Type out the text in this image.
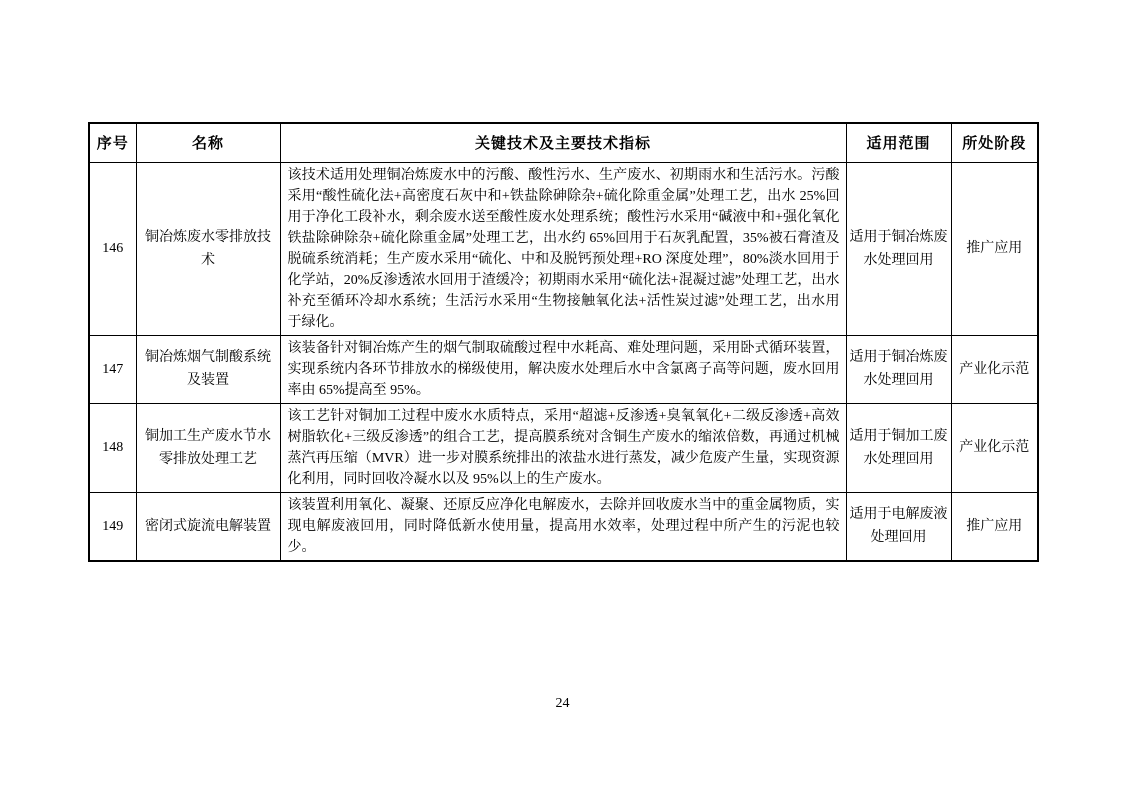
序号	名称	关键技术及主要技术指标	适用范围	所处阶段
146	铜冶炼废水零排放技术	该技术适用处理铜冶炼废水中的污酸、酸性污水、生产废水、初期雨水和生活污水。污酸采用“酸性硫化法+高密度石灰中和+铁盐除砷除杂+硫化除重金属”处理工艺，出水 25%回用于净化工段补水，剩余废水送至酸性废水处理系统；酸性污水采用“碱液中和+强化氧化铁盐除砷除杂+硫化除重金属”处理工艺，出水约 65%回用于石灰乳配置，35%被石膏渣及脱硫系统消耗；生产废水采用“硫化、中和及脱钙预处理+RO 深度处理”，80%淡水回用于化学站，20%反渗透浓水回用于渣缓冷；初期雨水采用“硫化法+混凝过滤”处理工艺，出水补充至循环冷却水系统；生活污水采用“生物接触氧化法+活性炭过滤”处理工艺，出水用于绿化。	适用于铜冶炼废水处理回用	推广应用
147	铜冶炼烟气制酸系统及装置	该装备针对铜冶炼产生的烟气制取硫酸过程中水耗高、难处理问题，采用卧式循环装置，实现系统内各环节排放水的梯级使用，解决废水处理后水中含氯离子高等问题，废水回用率由 65%提高至 95%。	适用于铜冶炼废水处理回用	产业化示范
148	铜加工生产废水节水零排放处理工艺	该工艺针对铜加工过程中废水水质特点，采用“超滤+反渗透+臭氧氧化+二级反渗透+高效树脂软化+三级反渗透”的组合工艺，提高膜系统对含铜生产废水的缩浓倍数，再通过机械蒸汽再压缩（MVR）进一步对膜系统排出的浓盐水进行蒸发，减少危废产生量，实现资源化利用，同时回收冷凝水以及 95%以上的生产废水。	适用于铜加工废水处理回用	产业化示范
149	密闭式旋流电解装置	该装置利用氧化、凝聚、还原反应净化电解废水，去除并回收废水当中的重金属物质，实现电解废液回用，同时降低新水使用量，提高用水效率，处理过程中所产生的污泥也较少。	适用于电解废液处理回用	推广应用
24
